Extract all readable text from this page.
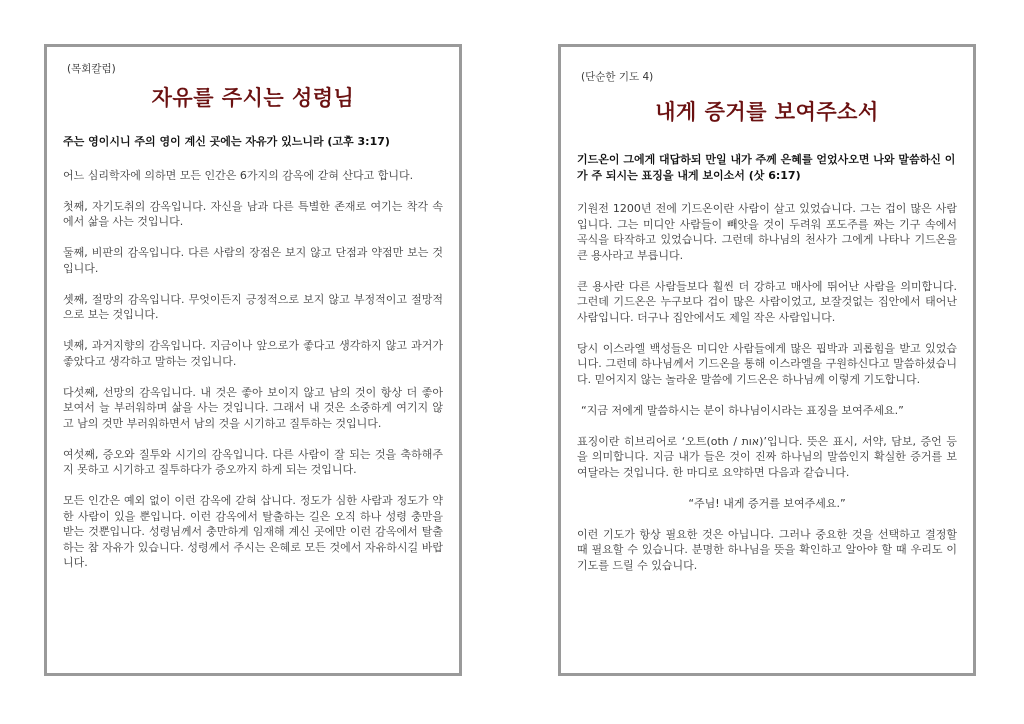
(목회칼럼)
자유를 주시는 성령님
주는 영이시니 주의 영이 계신 곳에는 자유가 있느니라 (고후 3:17)

어느 심리학자에 의하면 모든 인간은 6가지의 감옥에 갇혀 산다고 합니다.

첫째, 자기도취의 감옥입니다. 자신을 남과 다른 특별한 존재로 여기는 착각 속에서 삶을 사는 것입니다.

둘째, 비판의 감옥입니다. 다른 사람의 장점은 보지 않고 단점과 약점만 보는 것입니다.

셋째, 절망의 감옥입니다. 무엇이든지 긍정적으로 보지 않고 부정적이고 절망적으로 보는 것입니다.

넷째, 과거지향의 감옥입니다. 지금이나 앞으로가 좋다고 생각하지 않고 과거가 좋았다고 생각하고 말하는 것입니다.

다섯째, 선망의 감옥입니다. 내 것은 좋아 보이지 않고 남의 것이 항상 더 좋아 보여서 늘 부러워하며 삶을 사는 것입니다. 그래서 내 것은 소중하게 여기지 않고 남의 것만 부러워하면서 남의 것을 시기하고 질투하는 것입니다.

여섯째, 증오와 질투와 시기의 감옥입니다. 다른 사람이 잘 되는 것을 축하해주지 못하고 시기하고 질투하다가 증오까지 하게 되는 것입니다.

모든 인간은 예외 없이 이런 감옥에 갇혀 삽니다. 정도가 심한 사람과 정도가 약한 사람이 있을 뿐입니다. 이런 감옥에서 탈출하는 길은 오직 하나 성령 충만을 받는 것뿐입니다. 성령님께서 충만하게 임재해 계신 곳에만 이런 감옥에서 탈출하는 참 자유가 있습니다. 성령께서 주시는 은혜로 모든 것에서 자유하시길 바랍니다.

(단순한 기도 4)
내게 증거를 보여주소서
기드온이 그에게 대답하되 만일 내가 주께 은혜를 얻었사오면 나와 말씀하신 이가 주 되시는 표징을 내게 보이소서 (삿 6:17)

기원전 1200년 전에 기드온이란 사람이 살고 있었습니다. 그는 겁이 많은 사람입니다. 그는 미디안 사람들이 빼앗을 것이 두려워 포도주를 짜는 기구 속에서 곡식을 타작하고 있었습니다. 그런데 하나님의 천사가 그에게 나타나 기드온을 큰 용사라고 부릅니다.

큰 용사란 다른 사람들보다 훨씬 더 강하고 매사에 뛰어난 사람을 의미합니다. 그런데 기드온은 누구보다 겁이 많은 사람이었고, 보잘것없는 집안에서 태어난 사람입니다. 더구나 집안에서도 제일 작은 사람입니다.

당시 이스라엘 백성들은 미디안 사람들에게 많은 핍박과 괴롭힘을 받고 있었습니다. 그런데 하나님께서 기드온을 통해 이스라엘을 구원하신다고 말씀하셨습니다. 믿어지지 않는 놀라운 말씀에 기드온은 하나님께 이렇게 기도합니다.

“지금 저에게 말씀하시는 분이 하나님이시라는 표징을 보여주세요.”

표징이란 히브리어로 ‘오트(oth / אות)’입니다. 뜻은 표시, 서약, 담보, 증언 등을 의미합니다. 지금 내가 들은 것이 진짜 하나님의 말씀인지 확실한 증거를 보여달라는 것입니다. 한 마디로 요약하면 다음과 같습니다.

“주님! 내게 증거를 보여주세요.”

이런 기도가 항상 필요한 것은 아닙니다. 그러나 중요한 것을 선택하고 결정할 때 필요할 수 있습니다. 분명한 하나님을 뜻을 확인하고 알아야 할 때 우리도 이 기도를 드릴 수 있습니다.
